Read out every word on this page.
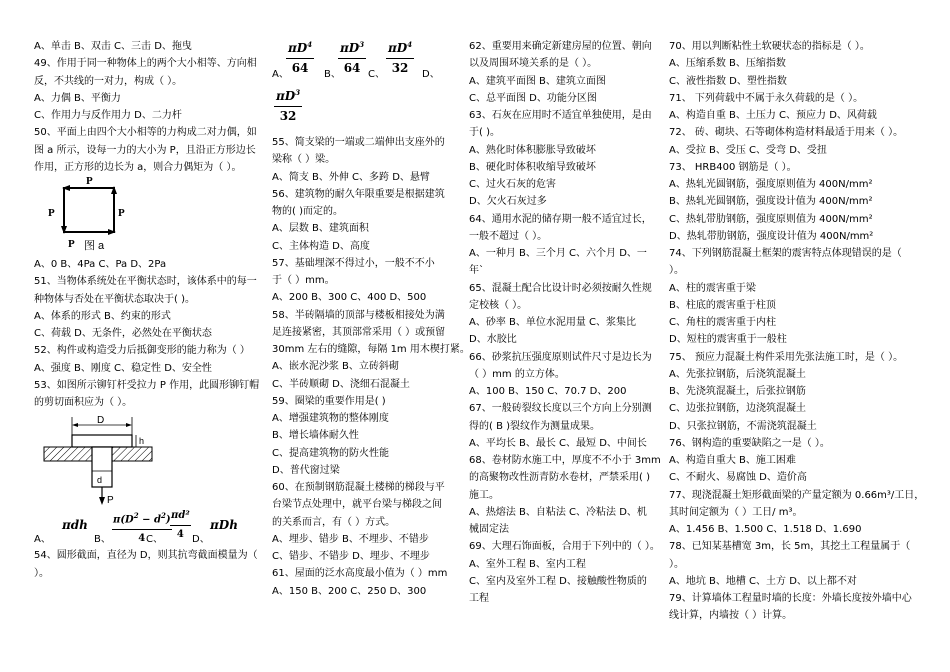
A、单击 B、双击 C、三击 D、拖曳
49、作用于同一种物体上的两个大小相等、方向相
反，不共线的一对力，构成（ ）。
A、力偶 B、平衡力
C、作用力与反作用力 D、二力杆
50、平面上由四个大小相等的力构成二对力偶，如
图 a 所示，设每一力的大小为 P，且沿正方形边长
作用，正方形的边长为 a，则合力偶矩为（ ）。
P	P
P
P 图 a
A、0 B、4Pa C、Pa D、2Pa
51、当物体系统处在平衡状态时，该体系中的每一
种物体与否处在平衡状态取决于( )。
A、体系的形式 B、约束的形式
C、荷载 D、无条件，必然处在平衡状态
52、构件或构造受力后抵御变形的能力称为（ ）
A、强度 B、刚度 C、稳定性 D、安全性
53、如图所示铆钉杆受拉力 P 作用，此圆形铆钉帽
的剪切面积应为（ ）。
D
h
d
P
A、
πdh
B、 $\frac{\pi(D^2 - d^2)}{4}$
C、 $\frac{\text{πd²}}{4}$ D、
πDh
54、圆形截面，直径为 D，则其抗弯截面模量为（
）。
$\frac{\pi D^4}{64}$
A、	$\frac{\pi D^3}{64}$
B、	$\frac{\pi D^4}{32}$
C、	D、
$\frac{\pi D^3}{32}$
55、简支梁的一端或二端伸出支座外的
梁称（ ）梁。
A、简支 B、外伸 C、多跨 D、悬臂
56、建筑物的耐久年限重要是根据建筑
物的( )而定的。
A、层数 B、建筑面积
C、主体构造 D、高度
57、基础埋深不得过小，一般不不小
于（ ）mm。
A、200 B、300 C、400 D、500
58、半砖隔墙的顶部与楼板相接处为满
足连接紧密，其顶部常采用（ ）或预留
30mm 左右的缝隙，每隔 1m 用木楔打紧。
A、嵌水泥沙浆 B、立砖斜砌
C、半砖顺砌 D、浇细石混凝土
59、圈梁的重要作用是( )
A、增强建筑物的整体刚度
B、增长墙体耐久性
C、提高建筑物的防火性能
D、普代窗过梁
60、在预制钢筋混凝土楼梯的梯段与平
台梁节点处理中，就平台梁与梯段之间
的关系而言，有（ ）方式。
A、埋步、错步 B、不埋步、不错步
C、错步、不错步 D、埋步、不埋步
61、屋面的泛水高度最小值为（ ）mm
A、150 B、200 C、250 D、300
62、重要用来确定新建房屋的位置、朝向
以及周围环境关系的是（ ）。
A、建筑平面图 B、建筑立面图
C、总平面图 D、功能分区图
63、石灰在应用时不适宜单独使用，是由
于( )。
A、熟化时体积膨胀导致破坏
B、硬化时体积收缩导致破坏
C、过火石灰的危害
D、欠火石灰过多
64、通用水泥的储存期一般不适宜过长，
一般不超过（ ）。
A、一种月 B、三个月 C、六个月 D、一
年`
65、混凝土配合比设计时必须按耐久性规
定校核（ ）。
A、砂率 B、单位水泥用量 C、浆集比
D、水胶比
66、砂浆抗压强度原则试件尺寸是边长为
（ ）mm 的立方体。
A、100 B、150 C、70.7 D、200
67、一般砖裂纹长度以三个方向上分别测
得的( B )裂纹作为测量成果。
A、平均长 B、最长 C、最短 D、中间长
68、卷材防水施工中，厚度不不小于 3mm
的高聚物改性沥青防水卷材，严禁采用( )
施工。
A、热熔法 B、自粘法 C、冷粘法 D、机
械固定法
69、大理石饰面板，合用于下列中的（ ）。
A、室外工程 B、室内工程
C、室内及室外工程 D、接触酸性物质的
工程
70、用以判断粘性土软硬状态的指标是（ ）。
A、压缩系数 B、压缩指数
C、液性指数 D、塑性指数
71、 下列荷载中不属于永久荷载的是（ ）。
A、构造自重 B、土压力 C、预应力 D、风荷载
72、 砖、砌块、石等砌体构造材料最适于用来（ ）。
A、受拉 B、受压 C、受弯 D、受扭
73、 HRB400 钢筋是（ ）。
A、热轧光圆钢筋，强度原则值为 400N/mm²
B、热轧光圆钢筋，强度设计值为 400N/mm²
C、热轧带肋钢筋，强度原则值为 400N/mm²
D、热轧带肋钢筋，强度设计值为 400N/mm²
74、下列钢筋混凝土框架的震害特点体现错误的是（
）。
A、柱的震害重于梁
B、柱底的震害重于柱顶
C、角柱的震害重于内柱
D、短柱的震害重于一般柱
75、 预应力混凝土构件采用先张法施工时，是（ ）。
A、先张拉钢筋，后浇筑混凝土
B、先浇筑混凝土，后张拉钢筋
C、边张拉钢筋，边浇筑混凝土
D、只张拉钢筋，不需浇筑混凝土
76、钢构造的重要缺陷之一是（ ）。
A、构造自重大 B、施工困难
C、不耐火、易腐蚀 D、造价高
77、现浇混凝土矩形截面梁的产量定额为 0.66m³/工日，
其时间定额为（ ）工日/ m³。
A、1.456 B、1.500 C、1.518 D、1.690
78、已知某基槽宽 3m，长 5m，其挖土工程量属于（
）。
A、地坑 B、地槽 C、土方 D、以上都不对
79、计算墙体工程量时墙的长度：外墙长度按外墙中心
线计算，内墙按（ ）计算。
